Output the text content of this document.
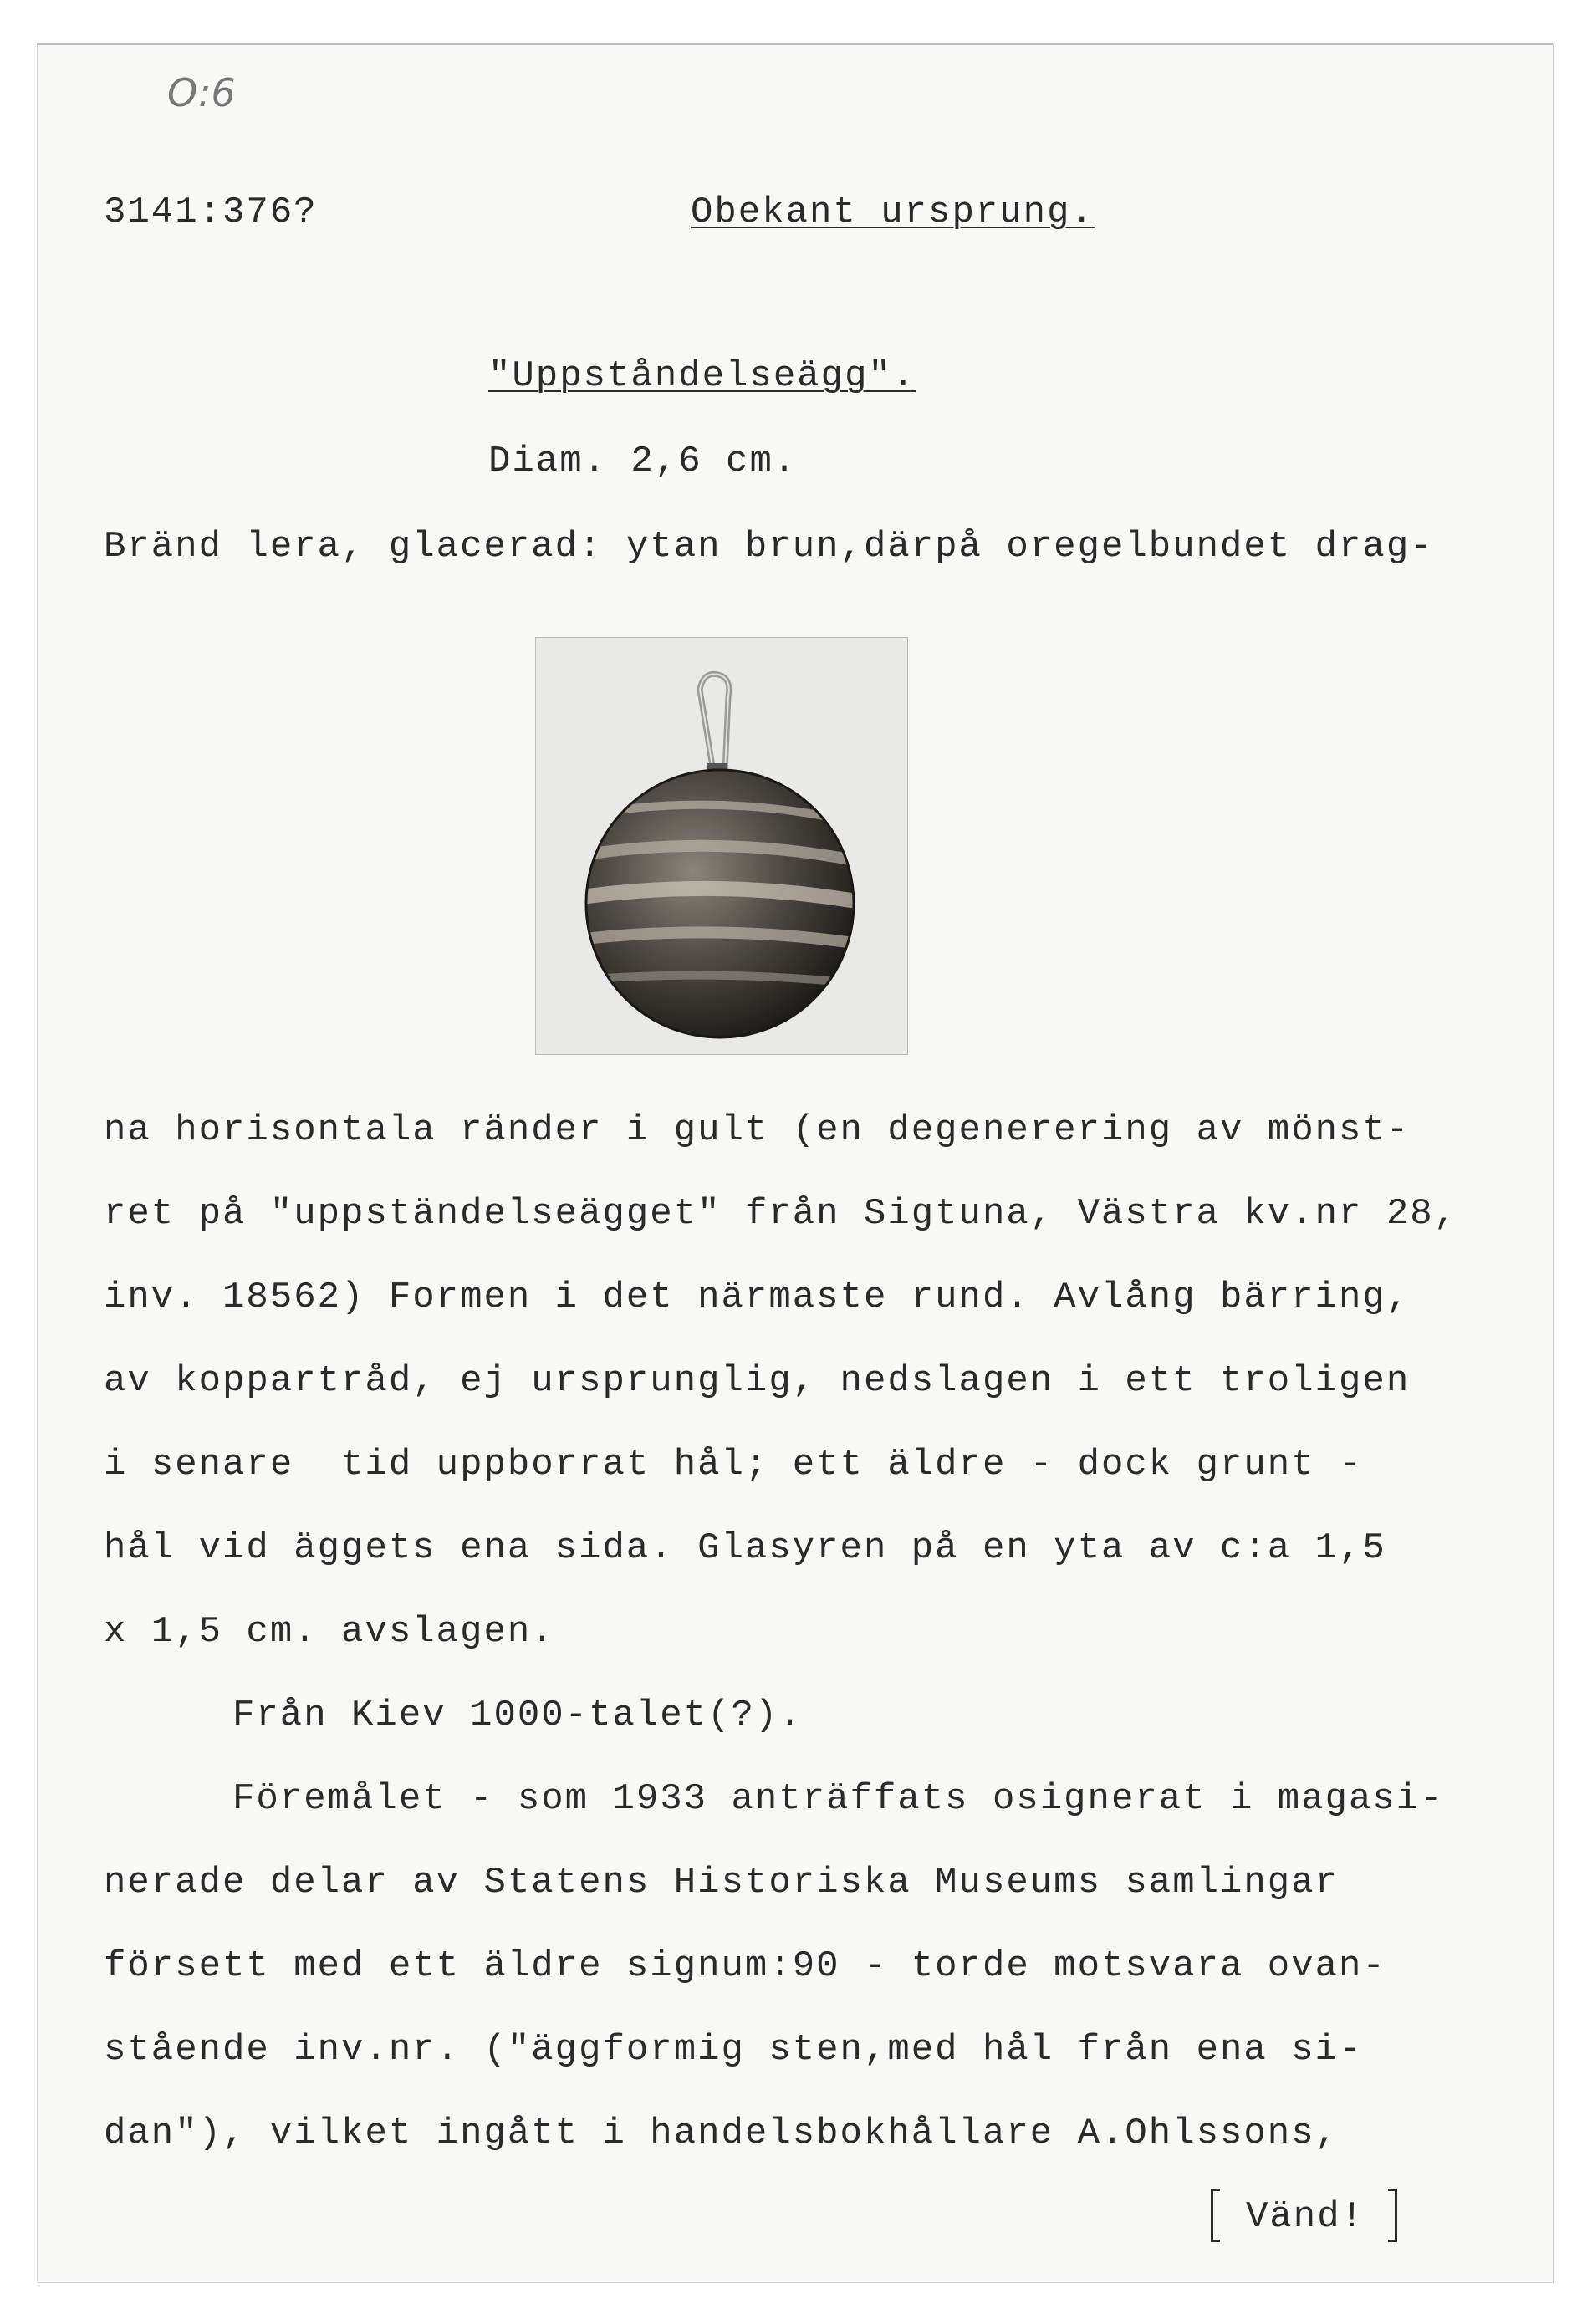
O:6
3141:376?	Obekant ursprung.
"Uppståndelseägg".
Diam. 2,6 cm.
Bränd lera, glacerad: ytan brun,därpå oregelbundet drag-
na horisontala ränder i gult (en degenerering av mönst-
ret på "uppständelseägget" från Sigtuna, Västra kv.nr 28,
inv. 18562) Formen i det närmaste rund. Avlång bärring,
av koppartråd, ej ursprunglig, nedslagen i ett troligen
i senare  tid uppborrat hål; ett äldre - dock grunt -
hål vid äggets ena sida. Glasyren på en yta av c:a 1,5
x 1,5 cm. avslagen.
Från Kiev 1000-talet(?).
Föremålet - som 1933 anträffats osignerat i magasi-
nerade delar av Statens Historiska Museums samlingar
försett med ett äldre signum:90 - torde motsvara ovan-
stående inv.nr. ("äggformig sten,med hål från ena si-
dan"), vilket ingått i handelsbokhållare A.Ohlssons,
Vänd!
